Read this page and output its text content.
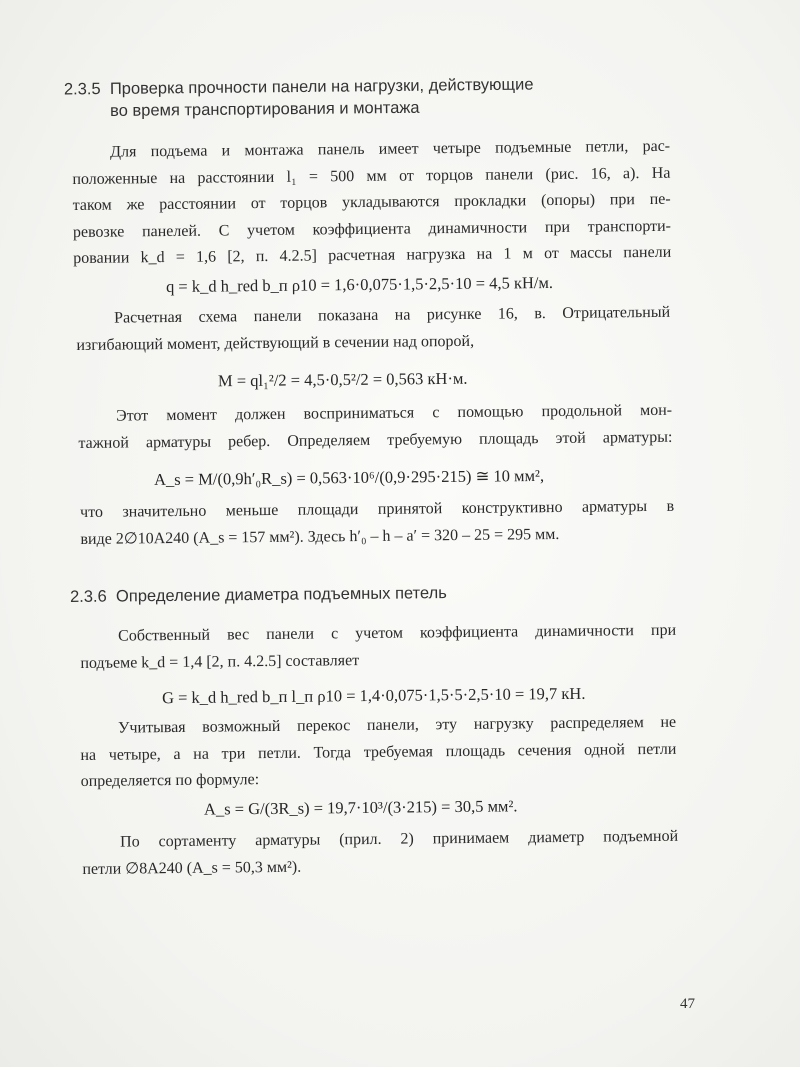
2.3.5 Проверка прочности панели на нагрузки, действующие
во время транспортирования и монтажа
Для подъема и монтажа панель имеет четыре подъемные петли, рас-
положенные на расстоянии l₁ = 500 мм от торцов панели (рис. 16, а). На
таком же расстоянии от торцов укладываются прокладки (опоры) при пе-
ревозке панелей. С учетом коэффициента динамичности при транспорти-
ровании k_d = 1,6 [2, п. 4.2.5] расчетная нагрузка на 1 м от массы панели
q = k_d h_red b_п ρ10 = 1,6·0,075·1,5·2,5·10 = 4,5 кН/м.
Расчетная схема панели показана на рисунке 16, в. Отрицательный
изгибающий момент, действующий в сечении над опорой,
M = ql₁²/2 = 4,5·0,5²/2 = 0,563 кН·м.
Этот момент должен восприниматься с помощью продольной мон-
тажной арматуры ребер. Определяем требуемую площадь этой арматуры:
A_s = M/(0,9h′₀R_s) = 0,563·10⁶/(0,9·295·215) ≅ 10 мм²,
что значительно меньше площади принятой конструктивно арматуры в
виде 2∅10A240 (A_s = 157 мм²). Здесь h′₀ – h – a′ = 320 – 25 = 295 мм.
2.3.6 Определение диаметра подъемных петель
Собственный вес панели с учетом коэффициента динамичности при
подъеме k_d = 1,4 [2, п. 4.2.5] составляет
G = k_d h_red b_п l_п ρ10 = 1,4·0,075·1,5·5·2,5·10 = 19,7 кН.
Учитывая возможный перекос панели, эту нагрузку распределяем не
на четыре, а на три петли. Тогда требуемая площадь сечения одной петли
определяется по формуле:
A_s = G/(3R_s) = 19,7·10³/(3·215) = 30,5 мм².
По сортаменту арматуры (прил. 2) принимаем диаметр подъемной
петли ∅8A240 (A_s = 50,3 мм²).
47
